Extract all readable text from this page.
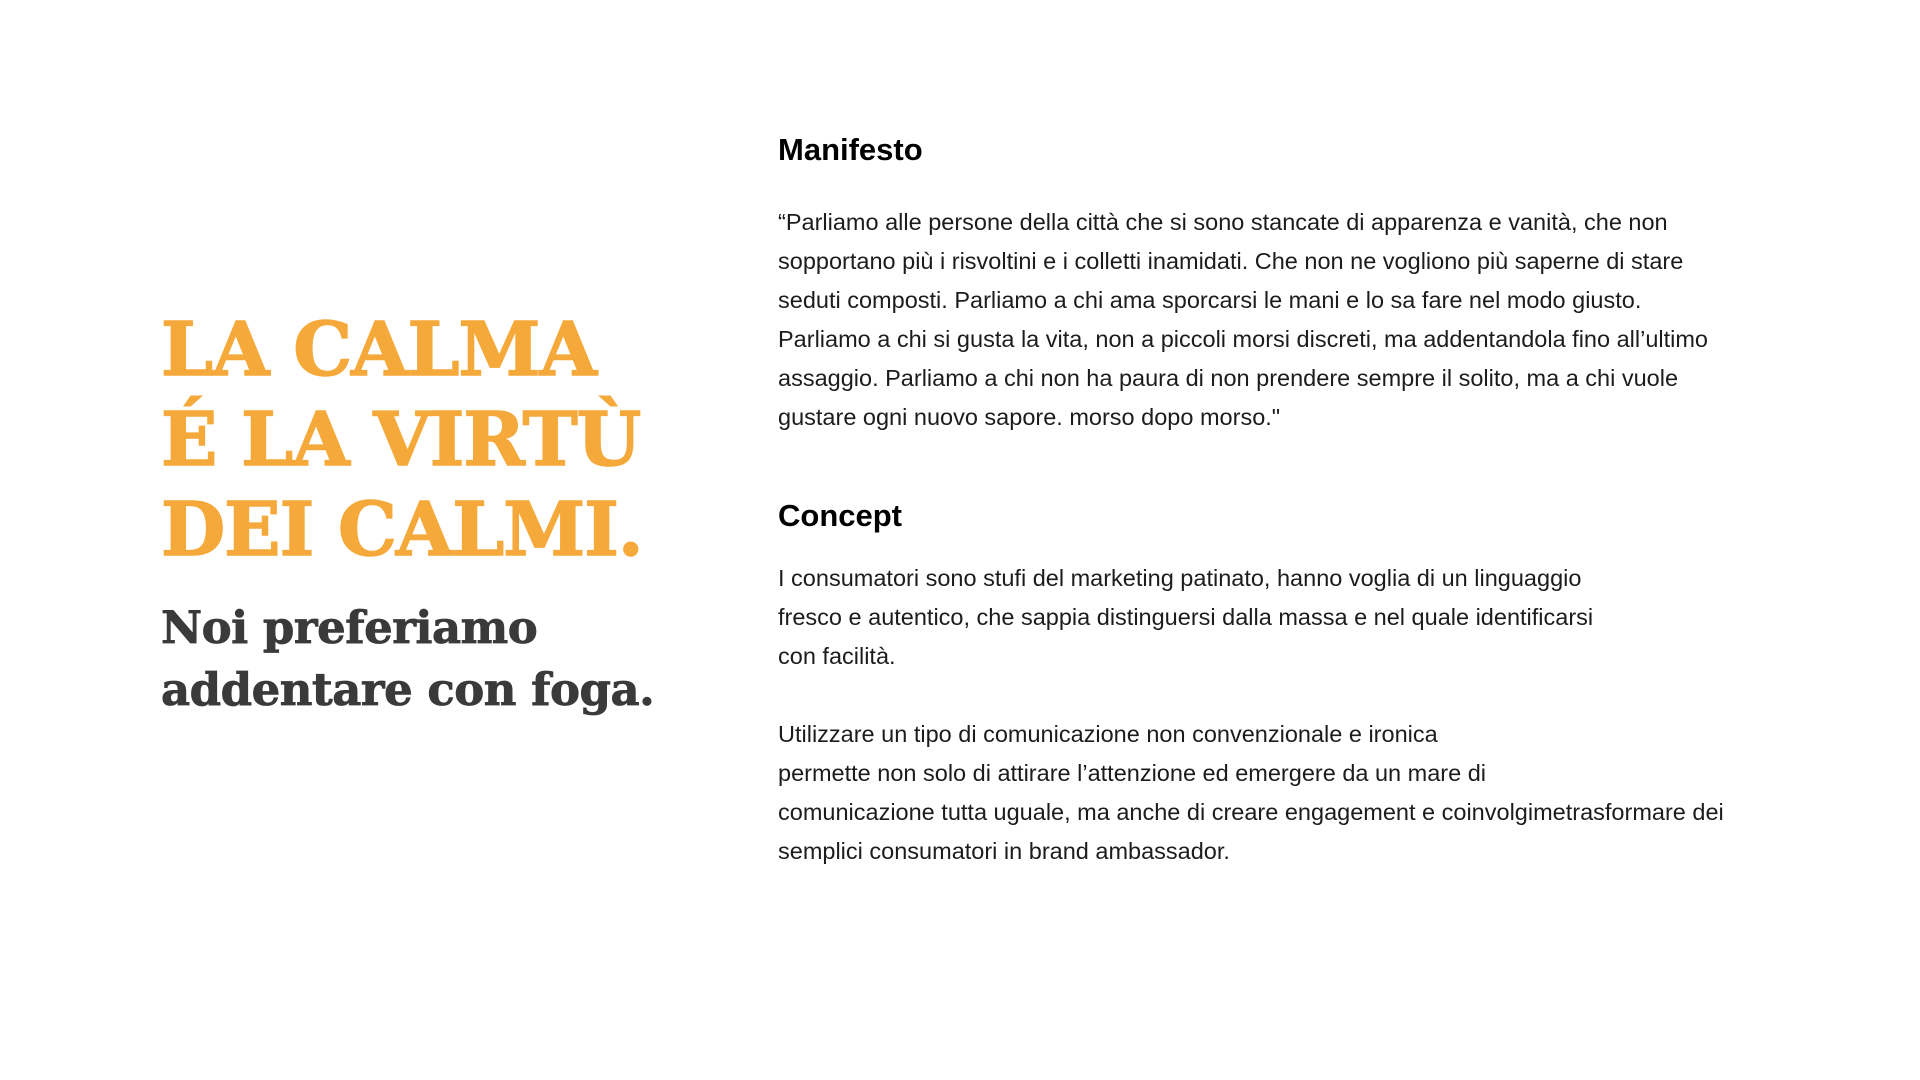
LA CALMA
É LA VIRTÙ
DEI CALMI.
Noi preferiamo
addentare con foga.
Manifesto

“Parliamo alle persone della città che si sono stancate di apparenza e vanità, che non
sopportano più i risvoltini e i colletti inamidati. Che non ne vogliono più saperne di stare
seduti composti. Parliamo a chi ama sporcarsi le mani e lo sa fare nel modo giusto.
Parliamo a chi si gusta la vita, non a piccoli morsi discreti, ma addentandola fino all’ultimo
assaggio. Parliamo a chi non ha paura di non prendere sempre il solito, ma a chi vuole
gustare ogni nuovo sapore. morso dopo morso."

Concept

I consumatori sono stufi del marketing patinato, hanno voglia di un linguaggio
fresco e autentico, che sappia distinguersi dalla massa e nel quale identificarsi
con facilità.

Utilizzare un tipo di comunicazione non convenzionale e ironica
permette non solo di attirare l’attenzione ed emergere da un mare di
comunicazione tutta uguale, ma anche di creare engagement e coinvolgimetrasformare dei
semplici consumatori in brand ambassador.
